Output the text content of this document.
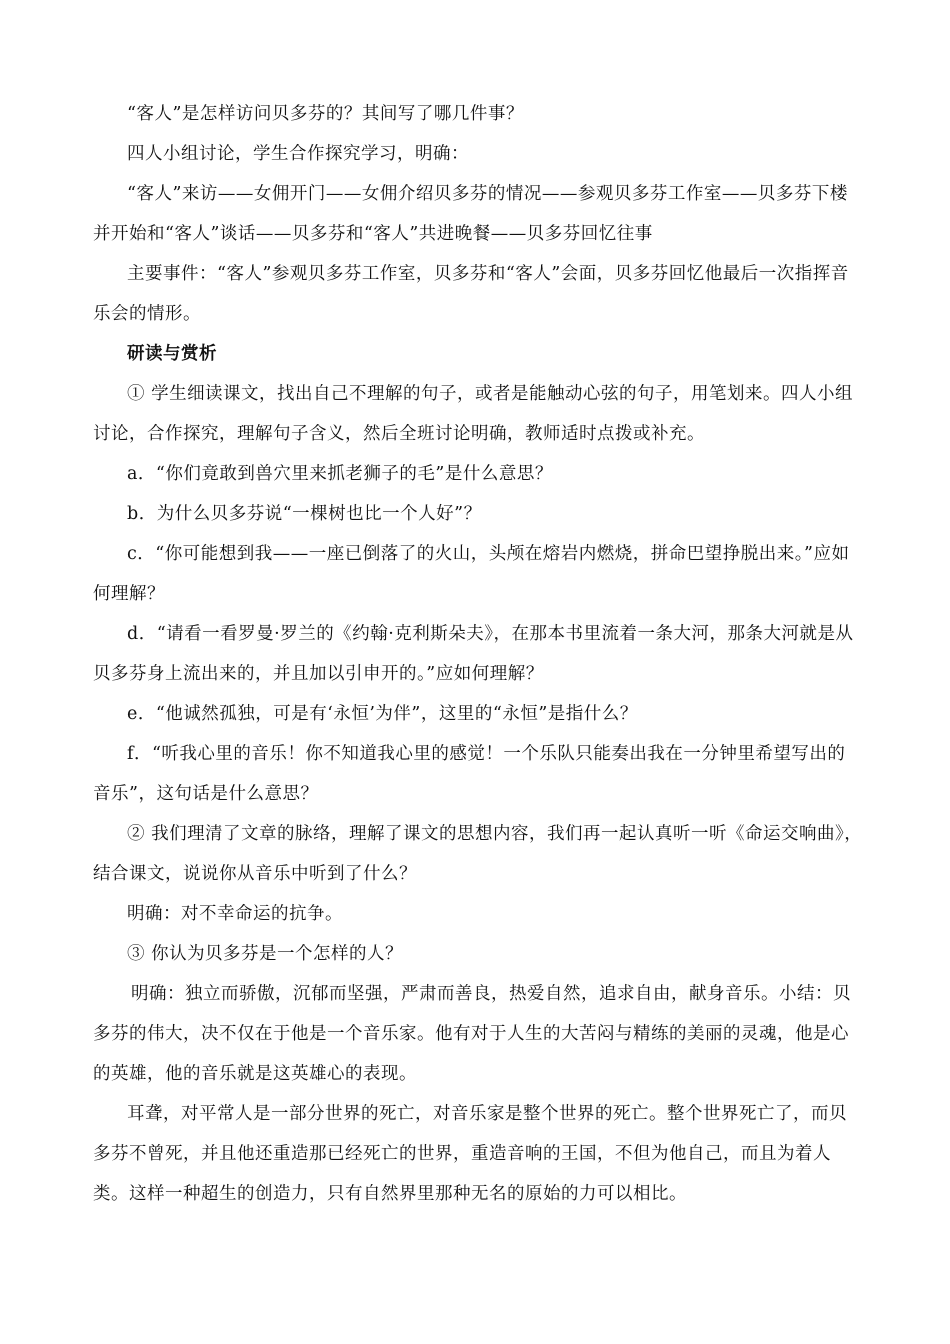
“客人”是怎样访问贝多芬的？其间写了哪几件事？

四人小组讨论，学生合作探究学习，明确：

“客人”来访——女佣开门——女佣介绍贝多芬的情况——参观贝多芬工作室——贝多芬下楼并开始和“客人”谈话——贝多芬和“客人”共进晚餐——贝多芬回忆往事

主要事件：“客人”参观贝多芬工作室，贝多芬和“客人”会面，贝多芬回忆他最后一次指挥音乐会的情形。

研读与赏析

① 学生细读课文，找出自己不理解的句子，或者是能触动心弦的句子，用笔划来。四人小组讨论，合作探究，理解句子含义，然后全班讨论明确，教师适时点拨或补充。

a．“你们竟敢到兽穴里来抓老狮子的毛”是什么意思？

b．为什么贝多芬说“一棵树也比一个人好”？

c．“你可能想到我——一座已倒落了的火山，头颅在熔岩内燃烧，拼命巴望挣脱出来。”应如何理解？

d．“请看一看罗曼·罗兰的《约翰·克利斯朵夫》，在那本书里流着一条大河，那条大河就是从贝多芬身上流出来的，并且加以引申开的。”应如何理解？

e．“他诚然孤独，可是有‘永恒’为伴”，这里的“永恒”是指什么？

f．“听我心里的音乐！你不知道我心里的感觉！一个乐队只能奏出我在一分钟里希望写出的音乐”，这句话是什么意思？

② 我们理清了文章的脉络，理解了课文的思想内容，我们再一起认真听一听《命运交响曲》，结合课文，说说你从音乐中听到了什么？

明确：对不幸命运的抗争。

③ 你认为贝多芬是一个怎样的人？

明确：独立而骄傲，沉郁而坚强，严肃而善良，热爱自然，追求自由，献身音乐。小结：贝多芬的伟大，决不仅在于他是一个音乐家。他有对于人生的大苦闷与精练的美丽的灵魂，他是心的英雄，他的音乐就是这英雄心的表现。

耳聋，对平常人是一部分世界的死亡，对音乐家是整个世界的死亡。整个世界死亡了，而贝多芬不曾死，并且他还重造那已经死亡的世界，重造音响的王国，不但为他自己，而且为着人类。这样一种超生的创造力，只有自然界里那种无名的原始的力可以相比。
